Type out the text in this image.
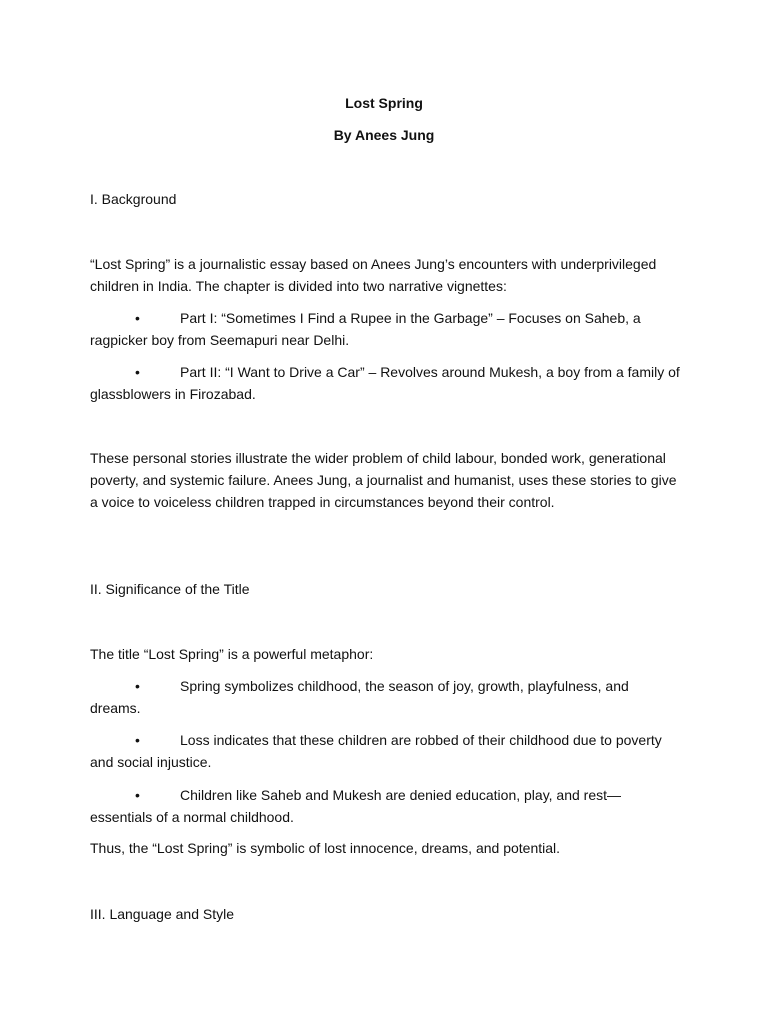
Lost Spring
By Anees Jung
I. Background
“Lost Spring” is a journalistic essay based on Anees Jung’s encounters with underprivileged children in India. The chapter is divided into two narrative vignettes:
•	Part I: “Sometimes I Find a Rupee in the Garbage” – Focuses on Saheb, a ragpicker boy from Seemapuri near Delhi.
•	Part II: “I Want to Drive a Car” – Revolves around Mukesh, a boy from a family of glassblowers in Firozabad.
These personal stories illustrate the wider problem of child labour, bonded work, generational poverty, and systemic failure. Anees Jung, a journalist and humanist, uses these stories to give a voice to voiceless children trapped in circumstances beyond their control.
II. Significance of the Title
The title “Lost Spring” is a powerful metaphor:
•	Spring symbolizes childhood, the season of joy, growth, playfulness, and dreams.
•	Loss indicates that these children are robbed of their childhood due to poverty and social injustice.
•	Children like Saheb and Mukesh are denied education, play, and rest—essentials of a normal childhood.
Thus, the “Lost Spring” is symbolic of lost innocence, dreams, and potential.
III. Language and Style
